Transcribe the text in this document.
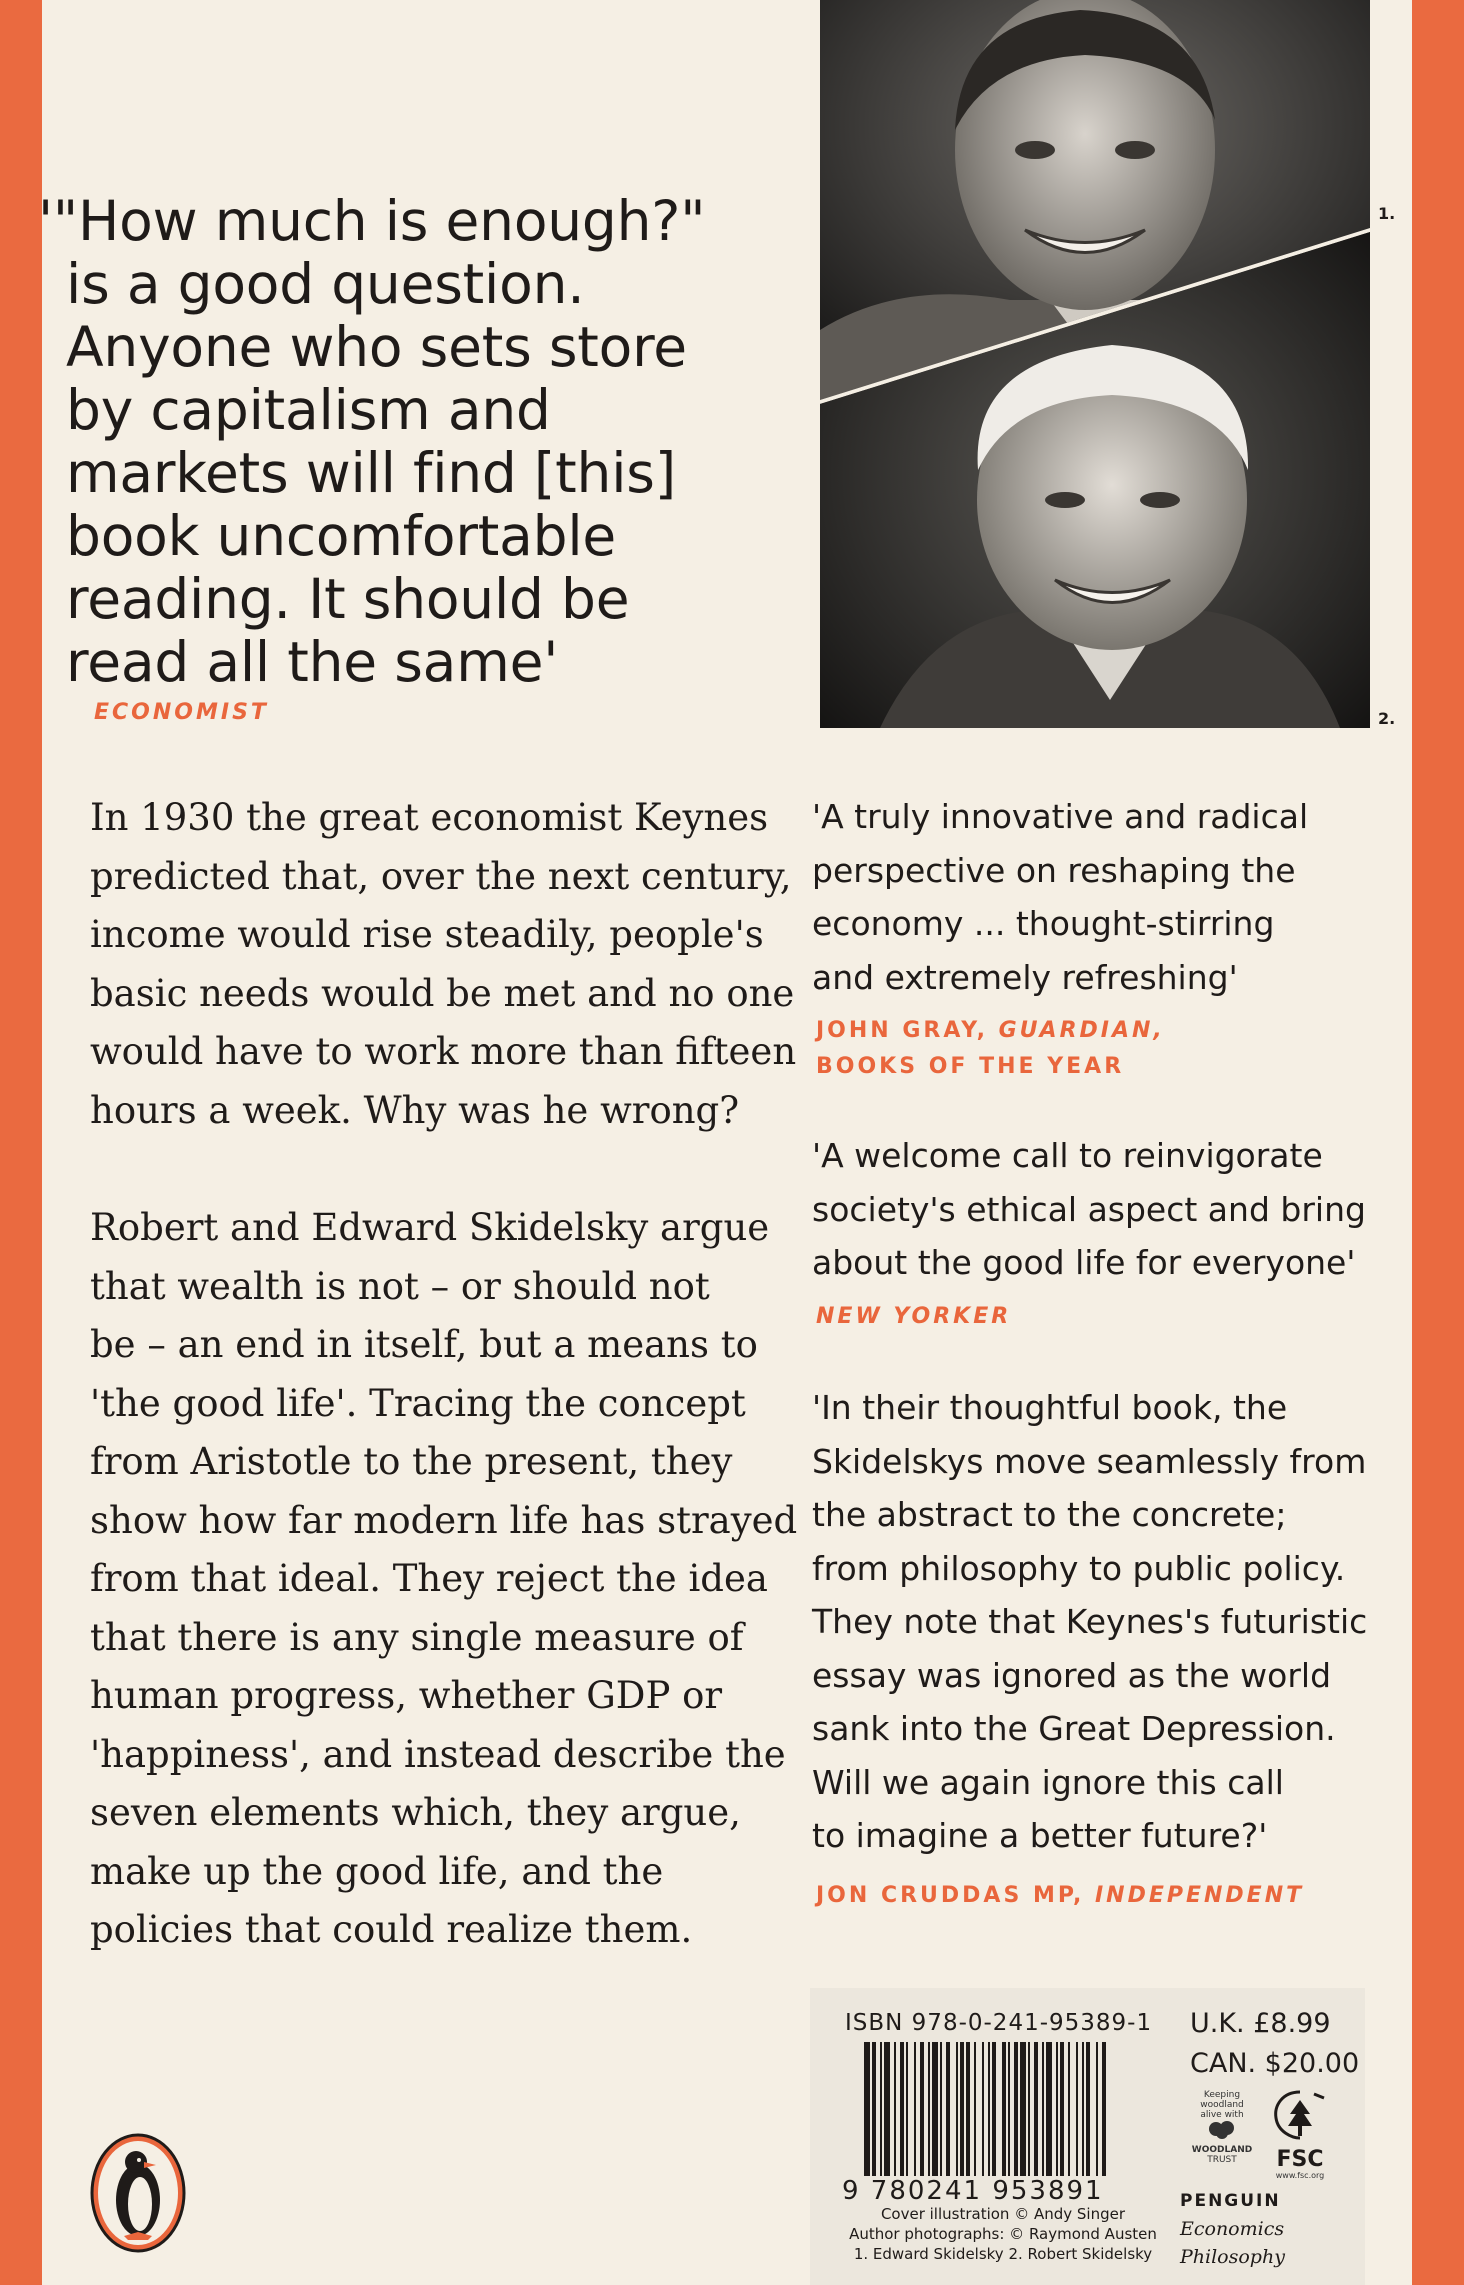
'"How much is enough?"
is a good question.
Anyone who sets store
by capitalism and
markets will find [this]
book uncomfortable
reading. It should be
read all the same'
ECONOMIST
1.
2.
In 1930 the great economist Keynes
predicted that, over the next century,
income would rise steadily, people's
basic needs would be met and no one
would have to work more than fifteen
hours a week. Why was he wrong?
Robert and Edward Skidelsky argue
that wealth is not – or should not
be – an end in itself, but a means to
'the good life'. Tracing the concept
from Aristotle to the present, they
show how far modern life has strayed
from that ideal. They reject the idea
that there is any single measure of
human progress, whether GDP or
'happiness', and instead describe the
seven elements which, they argue,
make up the good life, and the
policies that could realize them.
'A truly innovative and radical
perspective on reshaping the
economy ... thought-stirring
and extremely refreshing'
JOHN GRAY, GUARDIAN,
BOOKS OF THE YEAR
'A welcome call to reinvigorate
society's ethical aspect and bring
about the good life for everyone'
NEW YORKER
'In their thoughtful book, the
Skidelskys move seamlessly from
the abstract to the concrete;
from philosophy to public policy.
They note that Keynes's futuristic
essay was ignored as the world
sank into the Great Depression.
Will we again ignore this call
to imagine a better future?'
JON CRUDDAS MP, INDEPENDENT
ISBN 978-0-241-95389-1
9 780241 953891
U.K. £8.99
CAN. $20.00
Keeping
woodland
alive with
WOODLAND
TRUST	FSC
www.fsc.org
Cover illustration © Andy Singer
Author photographs: © Raymond Austen
1. Edward Skidelsky 2. Robert Skidelsky
PENGUIN
Economics
Philosophy
